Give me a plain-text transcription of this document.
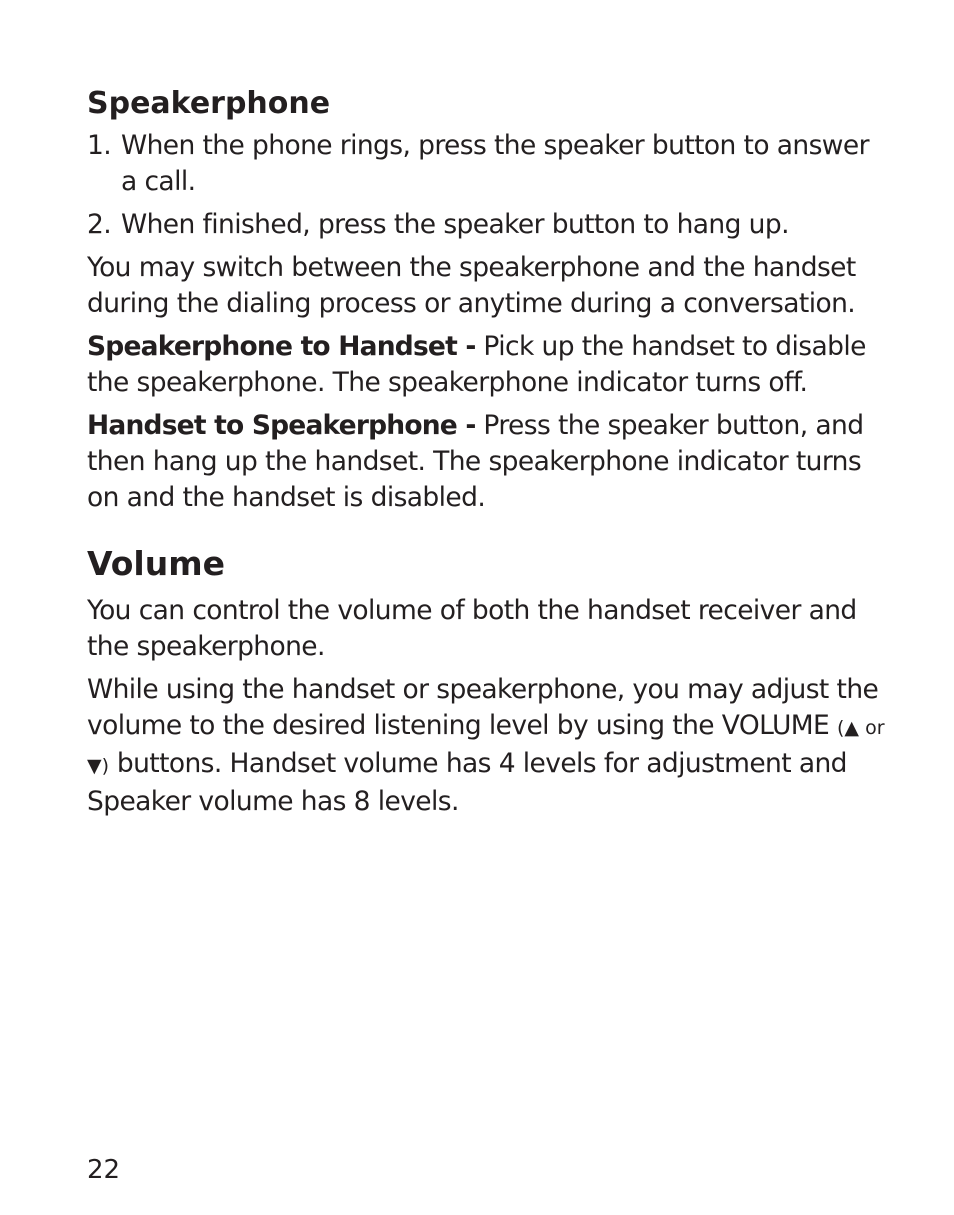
Speakerphone
1. When the phone rings, press the speaker button to answer a call.
2. When finished, press the speaker button to hang up.

You may switch between the speakerphone and the handset during the dialing process or anytime during a conversation.

Speakerphone to Handset - Pick up the handset to disable the speakerphone. The speakerphone indicator turns off.

Handset to Speakerphone - Press the speaker button, and then hang up the handset. The speakerphone indicator turns on and the handset is disabled.

Volume

You can control the volume of both the handset receiver and the speakerphone.

While using the handset or speakerphone, you may adjust the volume to the desired listening level by using the VOLUME (▲ or ▼) buttons. Handset volume has 4 levels for adjustment and Speaker volume has 8 levels.

22
